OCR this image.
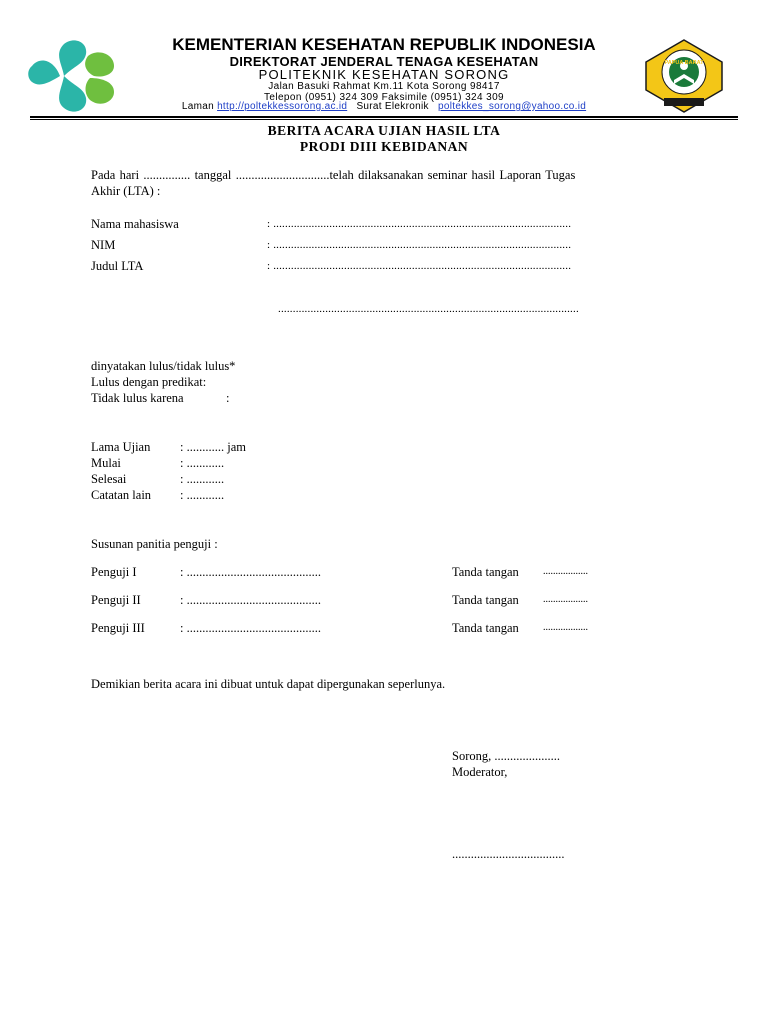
PAPUA BARAT
KEMENTERIAN KESEHATAN REPUBLIK INDONESIA
DIREKTORAT JENDERAL TENAGA KESEHATAN
POLITEKNIK KESEHATAN SORONG
Jalan Basuki Rahmat Km.11 Kota Sorong 98417
Telepon (0951) 324 309 Faksimile (0951) 324 309
Laman http://poltekkessorong.ac.id Surat Elekronik poltekkes_sorong@yahoo.co.id
BERITA ACARA UJIAN HASIL LTA
PRODI DIII KEBIDANAN
Pada hari ............... tanggal ..............................telah dilaksanakan seminar hasil Laporan Tugas
Akhir (LTA) :
Nama mahasiswa	: .....................................................................................................
NIM	: .....................................................................................................
Judul LTA	: .....................................................................................................
......................................................................................................
dinyatakan lulus/tidak lulus*
Lulus dengan predikat:
Tidak lulus karena	:
Lama Ujian : ............ jam
Mulai	: ............
Selesai	: ............
Catatan lain : ............
Susunan panitia penguji :
Penguji I	: ...........................................	Tanda tangan ..................
Penguji II	: ...........................................	Tanda tangan ..................
Penguji III	: ...........................................	Tanda tangan ..................
Demikian berita acara ini dibuat untuk dapat dipergunakan seperlunya.
Sorong, .....................
Moderator,
....................................
